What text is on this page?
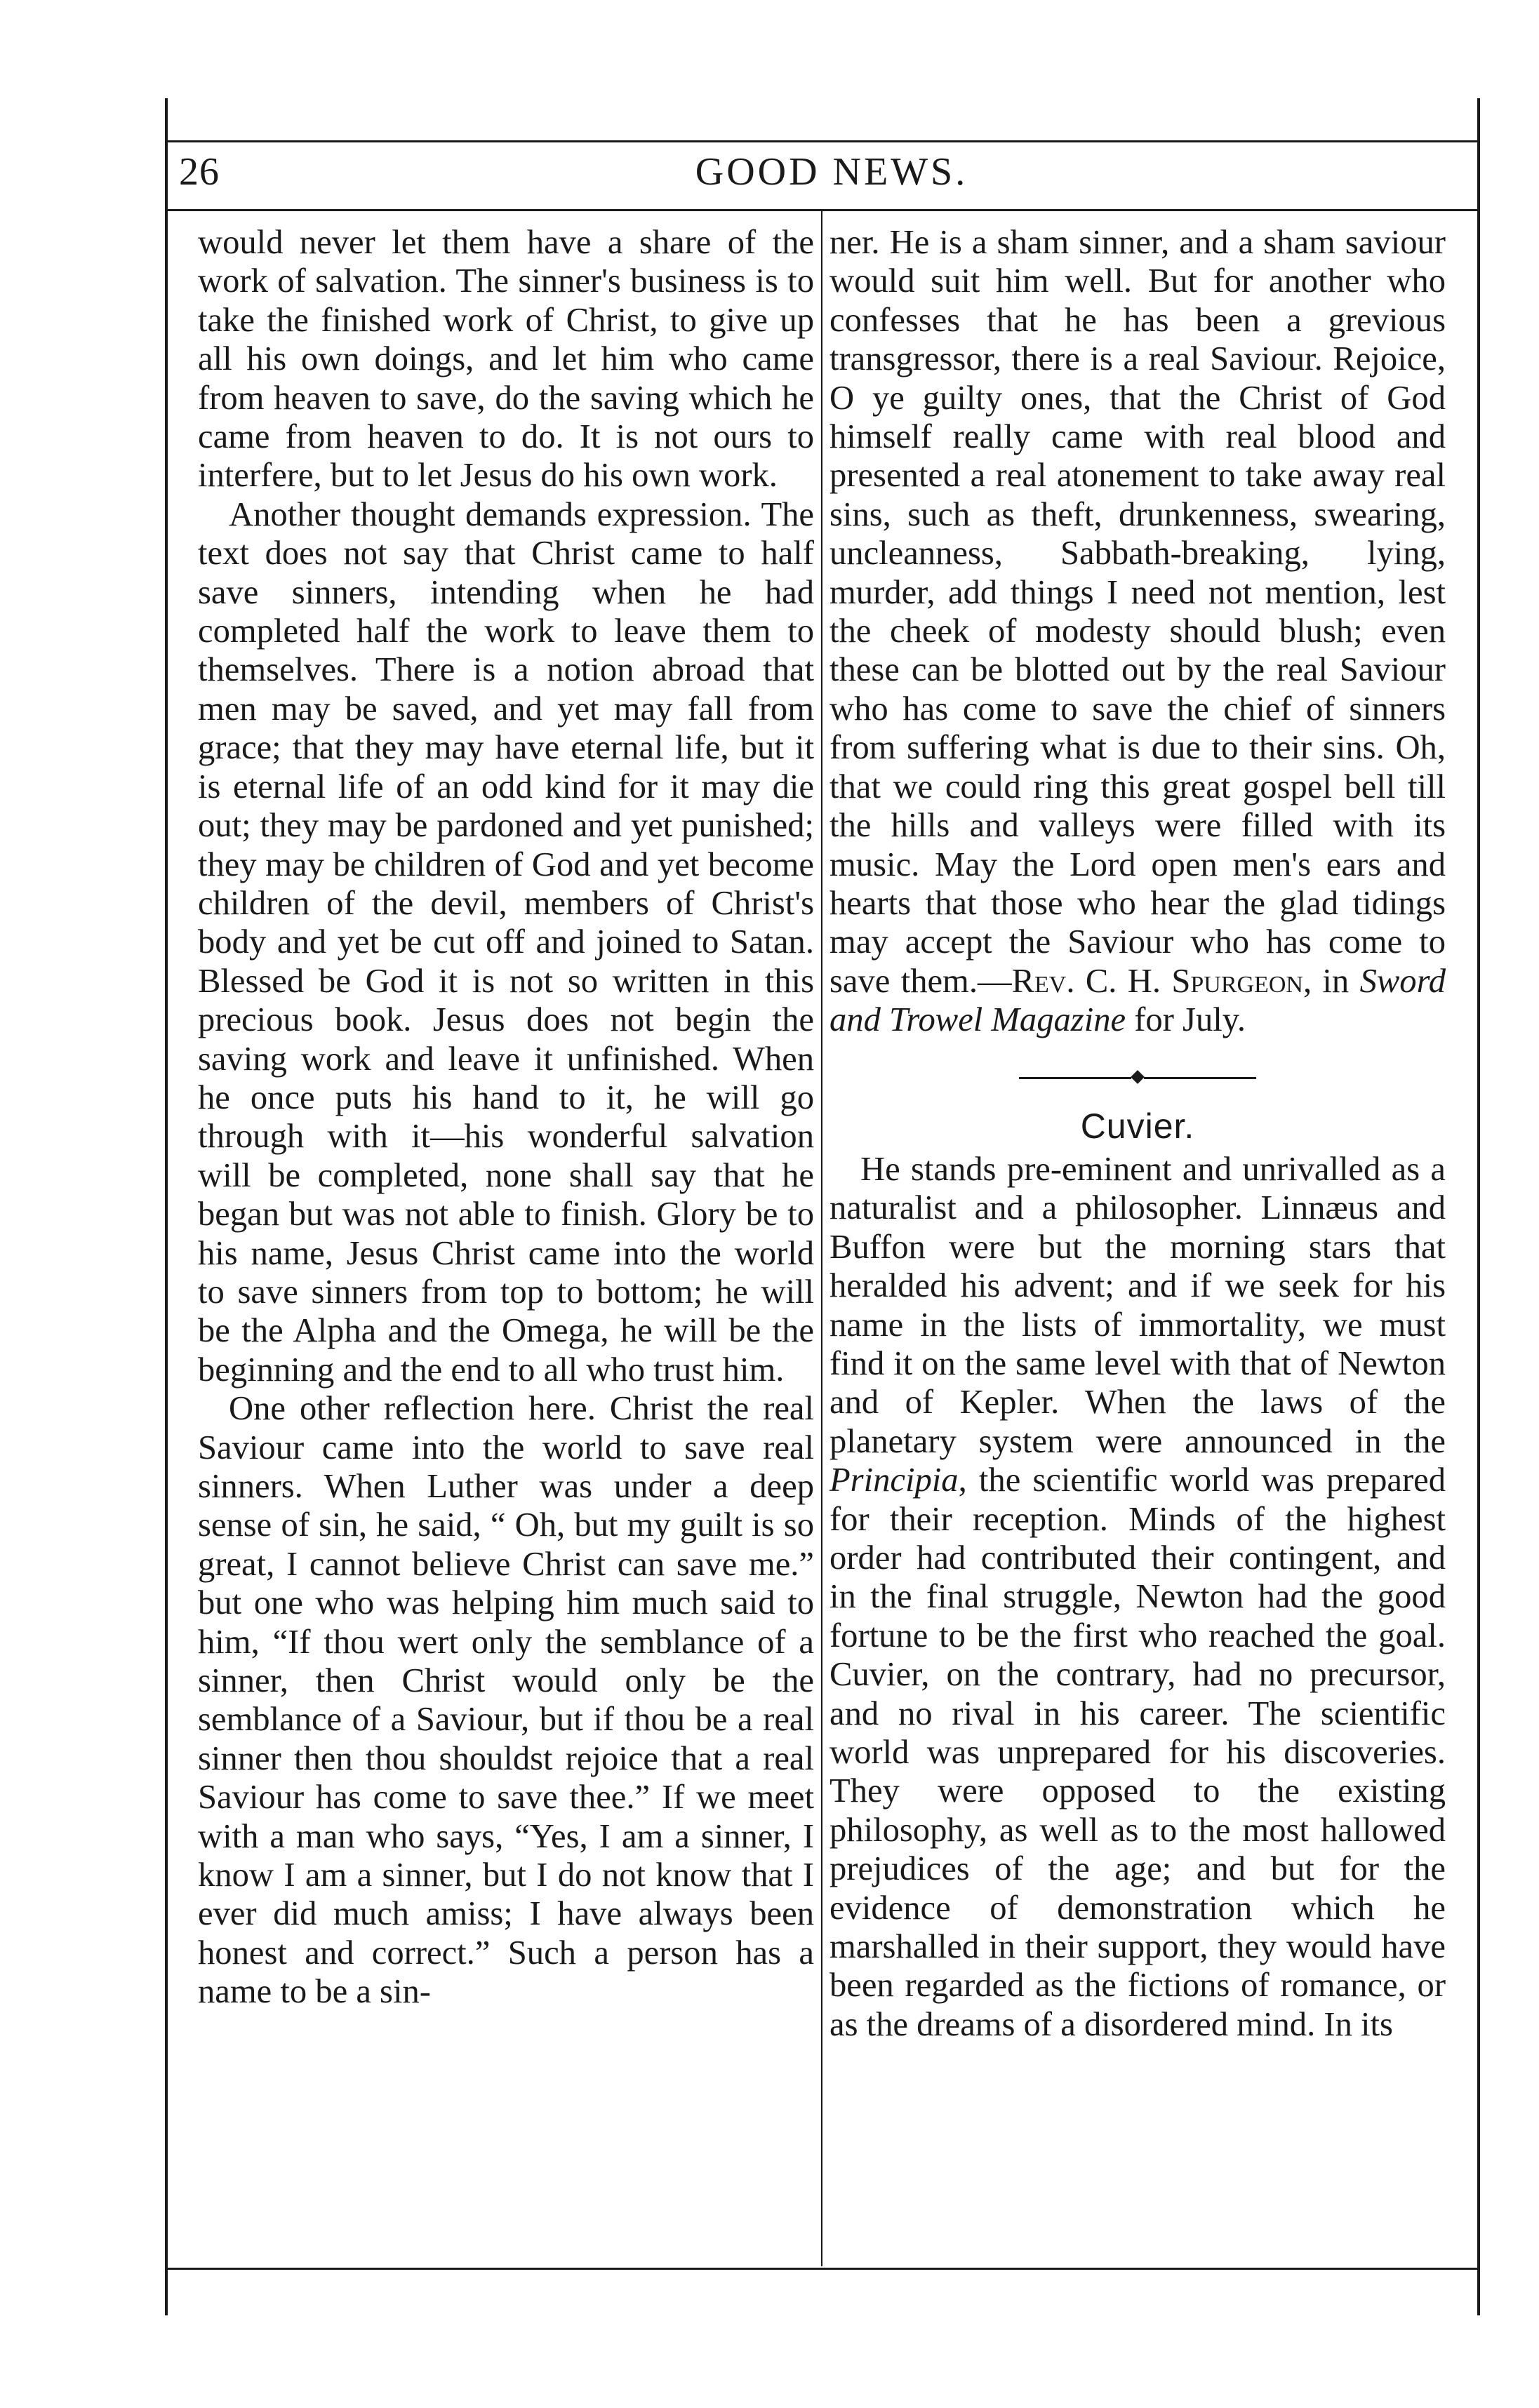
26	GOOD NEWS.

would never let them have a share of the work of salvation. The sinner's business is to take the finished work of Christ, to give up all his own doings, and let him who came from heaven to save, do the saving which he came from heaven to do. It is not ours to interfere, but to let Jesus do his own work.

Another thought demands expression. The text does not say that Christ came to half save sinners, intending when he had completed half the work to leave them to themselves. There is a notion abroad that men may be saved, and yet may fall from grace; that they may have eternal life, but it is eternal life of an odd kind for it may die out; they may be pardoned and yet punished; they may be children of God and yet become children of the devil, members of Christ's body and yet be cut off and joined to Satan. Blessed be God it is not so written in this precious book. Jesus does not begin the saving work and leave it unfinished. When he once puts his hand to it, he will go through with it—his wonderful salvation will be completed, none shall say that he began but was not able to finish. Glory be to his name, Jesus Christ came into the world to save sinners from top to bottom; he will be the Alpha and the Omega, he will be the beginning and the end to all who trust him.

One other reflection here. Christ the real Saviour came into the world to save real sinners. When Luther was under a deep sense of sin, he said, “ Oh, but my guilt is so great, I cannot believe Christ can save me.” but one who was helping him much said to him, “If thou wert only the semblance of a sinner, then Christ would only be the semblance of a Saviour, but if thou be a real sinner then thou shouldst rejoice that a real Saviour has come to save thee.” If we meet with a man who says, “Yes, I am a sinner, I know I am a sinner, but I do not know that I ever did much amiss; I have always been honest and correct.” Such a person has a name to be a sin-

ner. He is a sham sinner, and a sham saviour would suit him well. But for another who confesses that he has been a grevious transgressor, there is a real Saviour. Rejoice, O ye guilty ones, that the Christ of God himself really came with real blood and presented a real atonement to take away real sins, such as theft, drunkenness, swearing, uncleanness, Sabbath-breaking, lying, murder, add things I need not mention, lest the cheek of modesty should blush; even these can be blotted out by the real Saviour who has come to save the chief of sinners from suffering what is due to their sins. Oh, that we could ring this great gospel bell till the hills and valleys were filled with its music. May the Lord open men's ears and hearts that those who hear the glad tidings may accept the Saviour who has come to save them.—Rev. C. H. Spurgeon, in Sword and Trowel Magazine for July.

Cuvier.

He stands pre-eminent and unrivalled as a naturalist and a philosopher. Linnæus and Buffon were but the morning stars that heralded his advent; and if we seek for his name in the lists of immortality, we must find it on the same level with that of Newton and of Kepler. When the laws of the planetary system were announced in the Principia, the scientific world was prepared for their reception. Minds of the highest order had contributed their contingent, and in the final struggle, Newton had the good fortune to be the first who reached the goal. Cuvier, on the contrary, had no precursor, and no rival in his career. The scientific world was unprepared for his discoveries. They were opposed to the existing philosophy, as well as to the most hallowed prejudices of the age; and but for the evidence of demonstration which he marshalled in their support, they would have been regarded as the fictions of romance, or as the dreams of a disordered mind. In its
